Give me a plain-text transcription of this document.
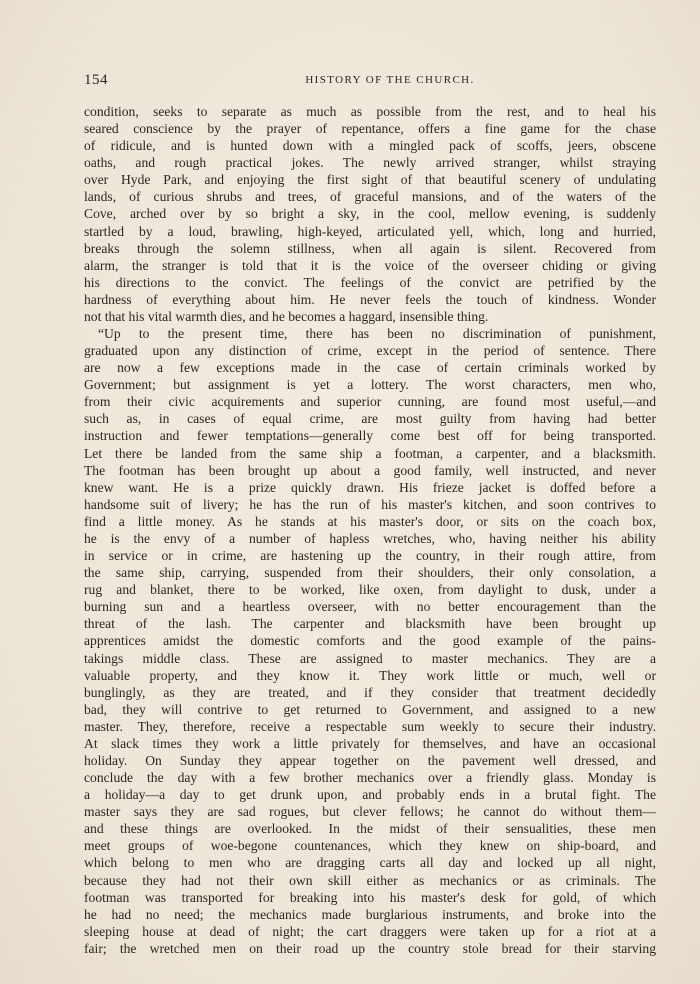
154	HISTORY OF THE CHURCH.
condition, seeks to separate as much as possible from the rest, and to heal his
seared conscience by the prayer of repentance, offers a fine game for the chase
of ridicule, and is hunted down with a mingled pack of scoffs, jeers, obscene
oaths, and rough practical jokes. The newly arrived stranger, whilst straying
over Hyde Park, and enjoying the first sight of that beautiful scenery of undulating
lands, of curious shrubs and trees, of graceful mansions, and of the waters of the
Cove, arched over by so bright a sky, in the cool, mellow evening, is suddenly
startled by a loud, brawling, high-keyed, articulated yell, which, long and hurried,
breaks through the solemn stillness, when all again is silent. Recovered from
alarm, the stranger is told that it is the voice of the overseer chiding or giving
his directions to the convict. The feelings of the convict are petrified by the
hardness of everything about him. He never feels the touch of kindness. Wonder
not that his vital warmth dies, and he becomes a haggard, insensible thing.
“Up to the present time, there has been no discrimination of punishment,
graduated upon any distinction of crime, except in the period of sentence. There
are now a few exceptions made in the case of certain criminals worked by
Government; but assignment is yet a lottery. The worst characters, men who,
from their civic acquirements and superior cunning, are found most useful,—and
such as, in cases of equal crime, are most guilty from having had better
instruction and fewer temptations—generally come best off for being transported.
Let there be landed from the same ship a footman, a carpenter, and a blacksmith.
The footman has been brought up about a good family, well instructed, and never
knew want. He is a prize quickly drawn. His frieze jacket is doffed before a
handsome suit of livery; he has the run of his master's kitchen, and soon contrives to
find a little money. As he stands at his master's door, or sits on the coach box,
he is the envy of a number of hapless wretches, who, having neither his ability
in service or in crime, are hastening up the country, in their rough attire, from
the same ship, carrying, suspended from their shoulders, their only consolation, a
rug and blanket, there to be worked, like oxen, from daylight to dusk, under a
burning sun and a heartless overseer, with no better encouragement than the
threat of the lash. The carpenter and blacksmith have been brought up
apprentices amidst the domestic comforts and the good example of the pains-
takings middle class. These are assigned to master mechanics. They are a
valuable property, and they know it. They work little or much, well or
bunglingly, as they are treated, and if they consider that treatment decidedly
bad, they will contrive to get returned to Government, and assigned to a new
master. They, therefore, receive a respectable sum weekly to secure their industry.
At slack times they work a little privately for themselves, and have an occasional
holiday. On Sunday they appear together on the pavement well dressed, and
conclude the day with a few brother mechanics over a friendly glass. Monday is
a holiday—a day to get drunk upon, and probably ends in a brutal fight. The
master says they are sad rogues, but clever fellows; he cannot do without them—
and these things are overlooked. In the midst of their sensualities, these men
meet groups of woe-begone countenances, which they knew on ship-board, and
which belong to men who are dragging carts all day and locked up all night,
because they had not their own skill either as mechanics or as criminals. The
footman was transported for breaking into his master's desk for gold, of which
he had no need; the mechanics made burglarious instruments, and broke into the
sleeping house at dead of night; the cart draggers were taken up for a riot at a
fair; the wretched men on their road up the country stole bread for their starving
